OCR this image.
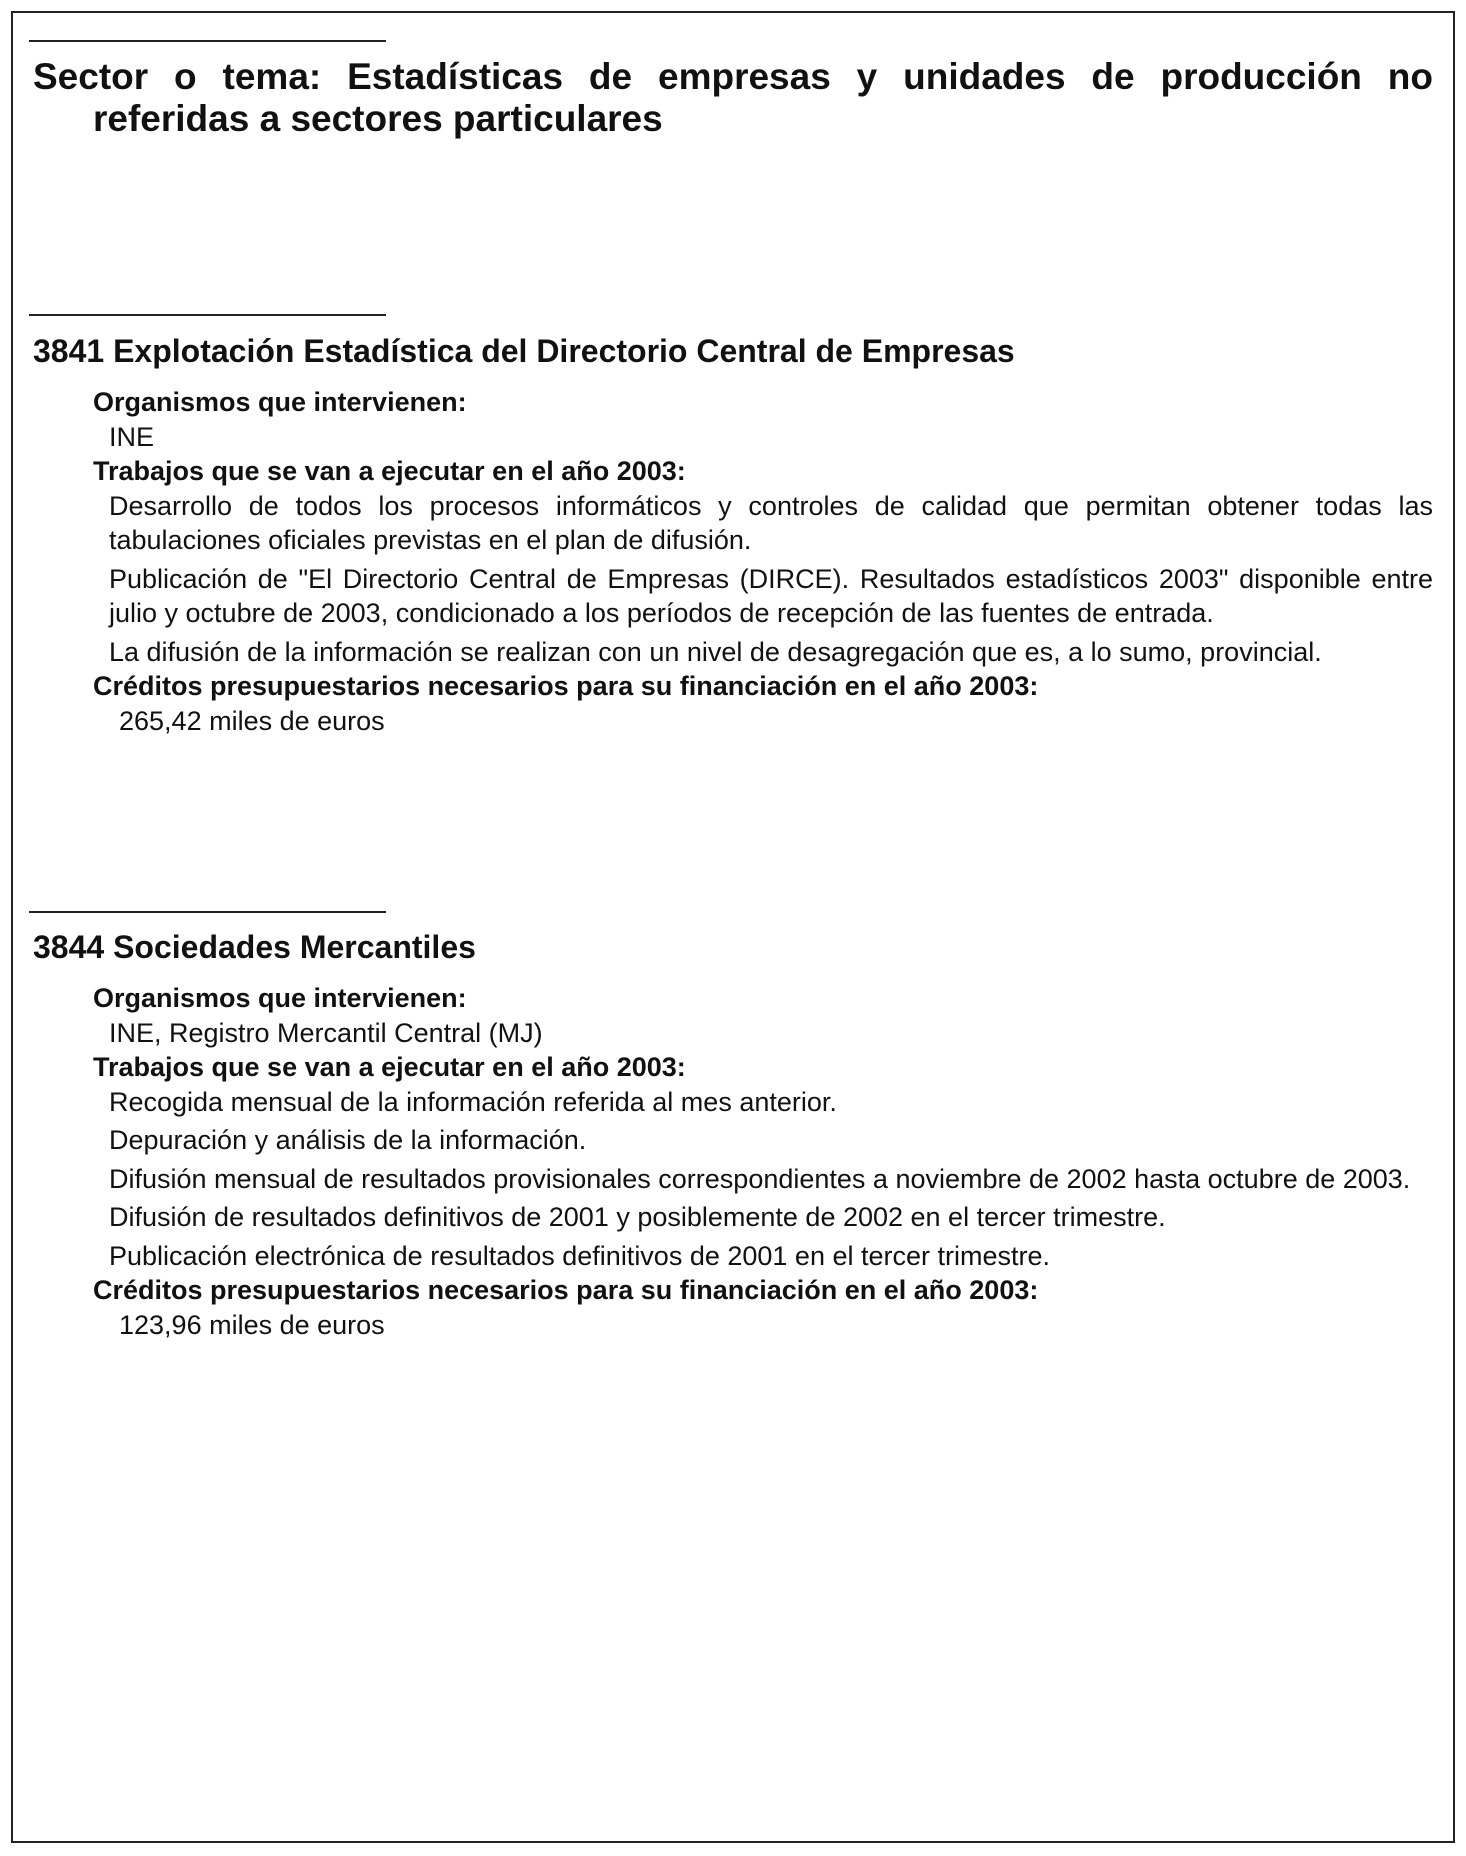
Sector o tema: Estadísticas de empresas y unidades de producción no referidas a sectores particulares
3841 Explotación Estadística del Directorio Central de Empresas

Organismos que intervienen:

INE

Trabajos que se van a ejecutar en el año 2003:

Desarrollo de todos los procesos informáticos y controles de calidad que permitan obtener todas las tabulaciones oficiales previstas en el plan de difusión.

Publicación de "El Directorio Central de Empresas (DIRCE). Resultados estadísticos 2003" disponible entre julio y octubre de 2003, condicionado a los períodos de recepción de las fuentes de entrada.

La difusión de la información se realizan con un nivel de desagregación que es, a lo sumo, provincial.

Créditos presupuestarios necesarios para su financiación en el año 2003:

265,42 miles de euros

3844 Sociedades Mercantiles

Organismos que intervienen:

INE, Registro Mercantil Central (MJ)

Trabajos que se van a ejecutar en el año 2003:

Recogida mensual de la información referida al mes anterior.

Depuración y análisis de la información.

Difusión mensual de resultados provisionales correspondientes a noviembre de 2002 hasta octubre de 2003.

Difusión de resultados definitivos de 2001 y posiblemente de 2002 en el tercer trimestre.

Publicación electrónica de resultados definitivos de 2001 en el tercer trimestre.

Créditos presupuestarios necesarios para su financiación en el año 2003:

123,96 miles de euros
